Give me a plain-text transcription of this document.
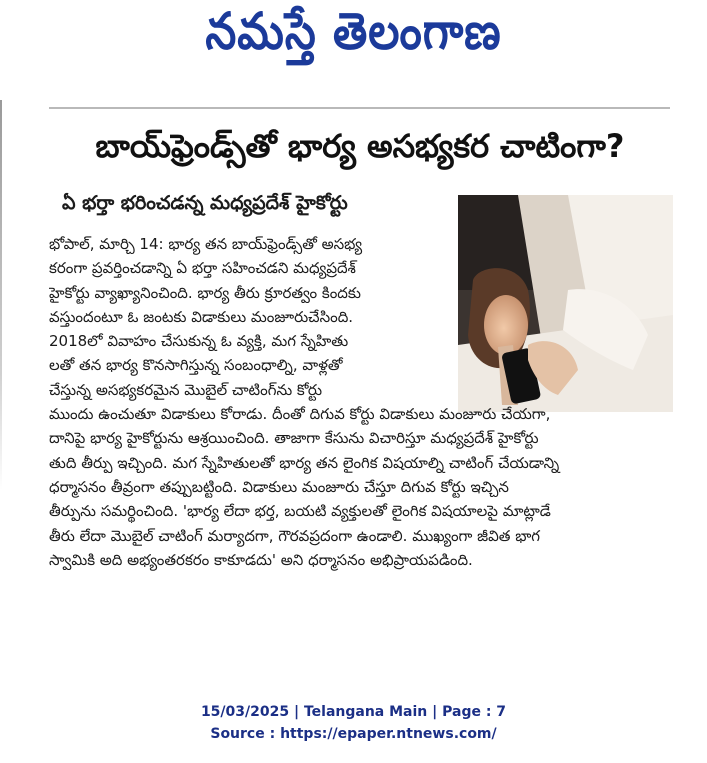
నమస్తే తెలంగాణ
బాయ్‌ఫ్రెండ్స్‌తో భార్య అసభ్యకర చాటింగా?
ఏ భర్తా భరించడన్న మధ్యప్రదేశ్ హైకోర్టు
భోపాల్, మార్చి 14: భార్య తన బాయ్‌ఫ్రెండ్స్‌తో అసభ్య
కరంగా ప్రవర్తించడాన్ని ఏ భర్తా సహించడని మధ్యప్రదేశ్
హైకోర్టు వ్యాఖ్యానించింది. భార్య తీరు క్రూరత్వం కిందకు
వస్తుందంటూ ఓ జంటకు విడాకులు మంజూరుచేసింది.
2018లో వివాహం చేసుకున్న ఓ వ్యక్తి, మగ స్నేహితు
లతో తన భార్య కొనసాగిస్తున్న సంబంధాల్ని, వాళ్లతో
చేస్తున్న అసభ్యకరమైన మొబైల్ చాటింగ్‌ను కోర్టు
ముందు ఉంచుతూ విడాకులు కోరాడు. దీంతో దిగువ కోర్టు విడాకులు మంజూరు చేయగా,
దానిపై భార్య హైకోర్టును ఆశ్రయించింది. తాజాగా కేసును విచారిస్తూ మధ్యప్రదేశ్ హైకోర్టు
తుది తీర్పు ఇచ్చింది. మగ స్నేహితులతో భార్య తన లైంగిక విషయాల్ని చాటింగ్ చేయడాన్ని
ధర్మాసనం తీవ్రంగా తప్పుబట్టింది. విడాకులు మంజూరు చేస్తూ దిగువ కోర్టు ఇచ్చిన
తీర్పును సమర్థించింది. 'భార్య లేదా భర్త, బయటి వ్యక్తులతో లైంగిక విషయాలపై మాట్లాడే
తీరు లేదా మొబైల్ చాటింగ్ మర్యాదగా, గౌరవప్రదంగా ఉండాలి. ముఖ్యంగా జీవిత భాగ
స్వామికి అది అభ్యంతరకరం కాకూడదు' అని ధర్మాసనం అభిప్రాయపడింది.
15/03/2025 | Telangana Main | Page : 7
Source : https://epaper.ntnews.com/
